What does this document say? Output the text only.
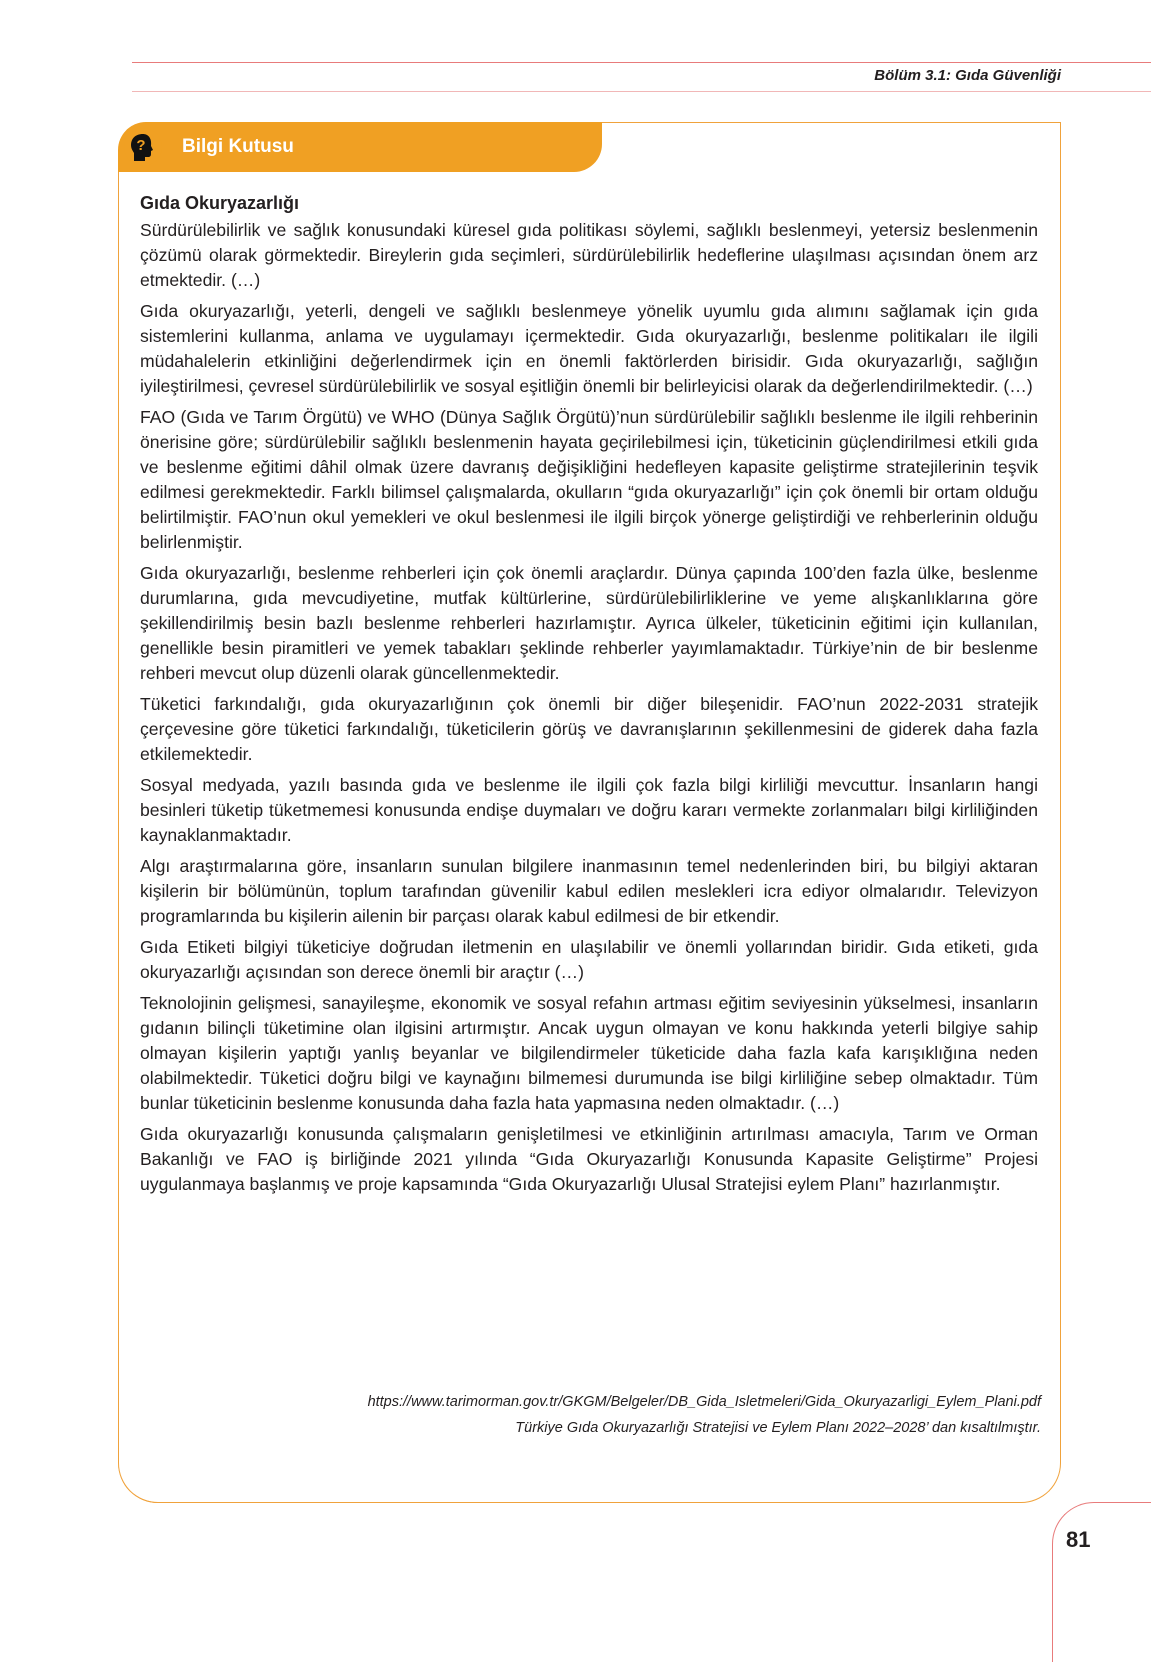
Bölüm 3.1: Gıda Güvenliği
? Bilgi Kutusu
Gıda Okuryazarlığı

Sürdürülebilirlik ve sağlık konusundaki küresel gıda politikası söylemi, sağlıklı beslenmeyi, yetersiz beslenmenin çözümü olarak görmektedir. Bireylerin gıda seçimleri, sürdürülebilirlik hedeflerine ulaşılması açısından önem arz etmektedir. (…)

Gıda okuryazarlığı, yeterli, dengeli ve sağlıklı beslenmeye yönelik uyumlu gıda alımını sağlamak için gıda sistemlerini kullanma, anlama ve uygulamayı içermektedir. Gıda okuryazarlığı, beslenme politikaları ile ilgili müdahalelerin etkinliğini değerlendirmek için en önemli faktörlerden birisidir. Gıda okuryazarlığı, sağlığın iyileştirilmesi, çevresel sürdürülebilirlik ve sosyal eşitliğin önemli bir belirleyicisi olarak da değerlendirilmektedir. (…)

FAO (Gıda ve Tarım Örgütü) ve WHO (Dünya Sağlık Örgütü)’nun sürdürülebilir sağlıklı beslenme ile ilgili rehberinin önerisine göre; sürdürülebilir sağlıklı beslenmenin hayata geçirilebilmesi için, tüketicinin güçlendirilmesi etkili gıda ve beslenme eğitimi dâhil olmak üzere davranış değişikliğini hedefleyen kapasite geliştirme stratejilerinin teşvik edilmesi gerekmektedir. Farklı bilimsel çalışmalarda, okulların “gıda okuryazarlığı” için çok önemli bir ortam olduğu belirtilmiştir. FAO’nun okul yemekleri ve okul beslenmesi ile ilgili birçok yönerge geliştirdiği ve rehberlerinin olduğu belirlenmiştir.

Gıda okuryazarlığı, beslenme rehberleri için çok önemli araçlardır. Dünya çapında 100’den fazla ülke, beslenme durumlarına, gıda mevcudiyetine, mutfak kültürlerine, sürdürülebilirliklerine ve yeme alışkanlıklarına göre şekillendirilmiş besin bazlı beslenme rehberleri hazırlamıştır. Ayrıca ülkeler, tüketicinin eğitimi için kullanılan, genellikle besin piramitleri ve yemek tabakları şeklinde rehberler yayımlamaktadır. Türkiye’nin de bir beslenme rehberi mevcut olup düzenli olarak güncellenmektedir.

Tüketici farkındalığı, gıda okuryazarlığının çok önemli bir diğer bileşenidir. FAO’nun 2022-2031 stratejik çerçevesine göre tüketici farkındalığı, tüketicilerin görüş ve davranışlarının şekillenmesini de giderek daha fazla etkilemektedir.

Sosyal medyada, yazılı basında gıda ve beslenme ile ilgili çok fazla bilgi kirliliği mevcuttur. İnsanların hangi besinleri tüketip tüketmemesi konusunda endişe duymaları ve doğru kararı vermekte zorlanmaları bilgi kirliliğinden kaynaklanmaktadır.

Algı araştırmalarına göre, insanların sunulan bilgilere inanmasının temel nedenlerinden biri, bu bilgiyi aktaran kişilerin bir bölümünün, toplum tarafından güvenilir kabul edilen meslekleri icra ediyor olmalarıdır. Televizyon programlarında bu kişilerin ailenin bir parçası olarak kabul edilmesi de bir etkendir.

Gıda Etiketi bilgiyi tüketiciye doğrudan iletmenin en ulaşılabilir ve önemli yollarından biridir. Gıda etiketi, gıda okuryazarlığı açısından son derece önemli bir araçtır (…)

Teknolojinin gelişmesi, sanayileşme, ekonomik ve sosyal refahın artması eğitim seviyesinin yükselmesi, insanların gıdanın bilinçli tüketimine olan ilgisini artırmıştır. Ancak uygun olmayan ve konu hakkında yeterli bilgiye sahip olmayan kişilerin yaptığı yanlış beyanlar ve bilgilendirmeler tüketicide daha fazla kafa karışıklığına neden olabilmektedir. Tüketici doğru bilgi ve kaynağını bilmemesi durumunda ise bilgi kirliliğine sebep olmaktadır. Tüm bunlar tüketicinin beslenme konusunda daha fazla hata yapmasına neden olmaktadır. (…)

Gıda okuryazarlığı konusunda çalışmaların genişletilmesi ve etkinliğinin artırılması amacıyla, Tarım ve Orman Bakanlığı ve FAO iş birliğinde 2021 yılında “Gıda Okuryazarlığı Konusunda Kapasite Geliştirme” Projesi uygulanmaya başlanmış ve proje kapsamında “Gıda Okuryazarlığı Ulusal Stratejisi eylem Planı” hazırlanmıştır.

https://www.tarimorman.gov.tr/GKGM/Belgeler/DB_Gida_Isletmeleri/Gida_Okuryazarligi_Eylem_Plani.pdf
Türkiye Gıda Okuryazarlığı Stratejisi ve Eylem Planı 2022–2028’ dan kısaltılmıştır.
81
